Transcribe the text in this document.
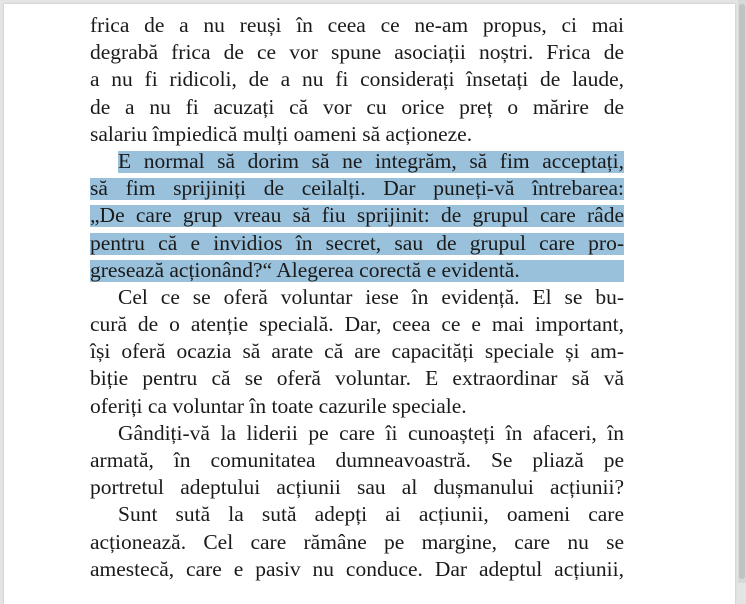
frica de a nu reuși în ceea ce ne-am propus, ci mai
degrabă frica de ce vor spune asociații noștri. Frica de
a nu fi ridicoli, de a nu fi considerați însetați de laude,
de a nu fi acuzați că vor cu orice preț o mărire de
salariu împiedică mulți oameni să acționeze.
E normal să dorim să ne integrăm, să fim acceptați,
să fim sprijiniți de ceilalți. Dar puneți-vă întrebarea:
„De care grup vreau să fiu sprijinit: de grupul care râde
pentru că e invidios în secret, sau de grupul care pro-
gresează acționând?“ Alegerea corectă e evidentă.
Cel ce se oferă voluntar iese în evidență. El se bu-
cură de o atenție specială. Dar, ceea ce e mai important,
își oferă ocazia să arate că are capacități speciale și am-
biție pentru că se oferă voluntar. E extraordinar să vă
oferiți ca voluntar în toate cazurile speciale.
Gândiți-vă la liderii pe care îi cunoașteți în afaceri, în
armată, în comunitatea dumneavoastră. Se pliază pe
portretul adeptului acțiunii sau al dușmanului acțiunii?
Sunt sută la sută adepți ai acțiunii, oameni care
acționează. Cel care rămâne pe margine, care nu se
amestecă, care e pasiv nu conduce. Dar adeptul acțiunii,
